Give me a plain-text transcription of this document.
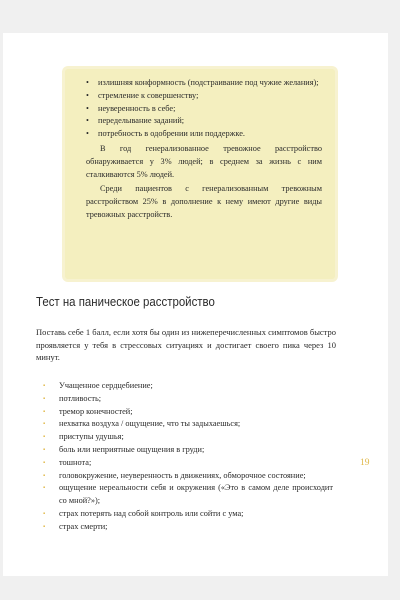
• излишняя конформность (подстраивание под чужие желания);
• стремление к совершенству;
• неуверенность в себе;
• переделывание заданий;
• потребность в одобрении или поддержке.

В год генерализованное тревожное расстройство обнаруживается у 3% людей; в среднем за жизнь с ним сталкиваются 5% людей.

Среди пациентов с генерализованным тревожным расстройством 25% в дополнение к нему имеют другие виды тревожных расстройств.

Тест на паническое расстройство

Поставь себе 1 балл, если хотя бы один из нижеперечисленных симптомов быстро проявляется у тебя в стрессовых ситуациях и достигает своего пика через 10 минут.

▪ Учащенное сердцебиение;
▪ потливость;
▪ тремор конечностей;
▪ нехватка воздуха / ощущение, что ты задыхаешься;
▪ приступы удушья;
▪ боль или неприятные ощущения в груди;
▪ тошнота;
▪ головокружение, неуверенность в движениях, обморочное состояние;
▪ ощущение нереальности себя и окружения («Это в самом деле происходит со мной?»);
▪ страх потерять над собой контроль или сойти с ума;
▪ страх смерти;
19
